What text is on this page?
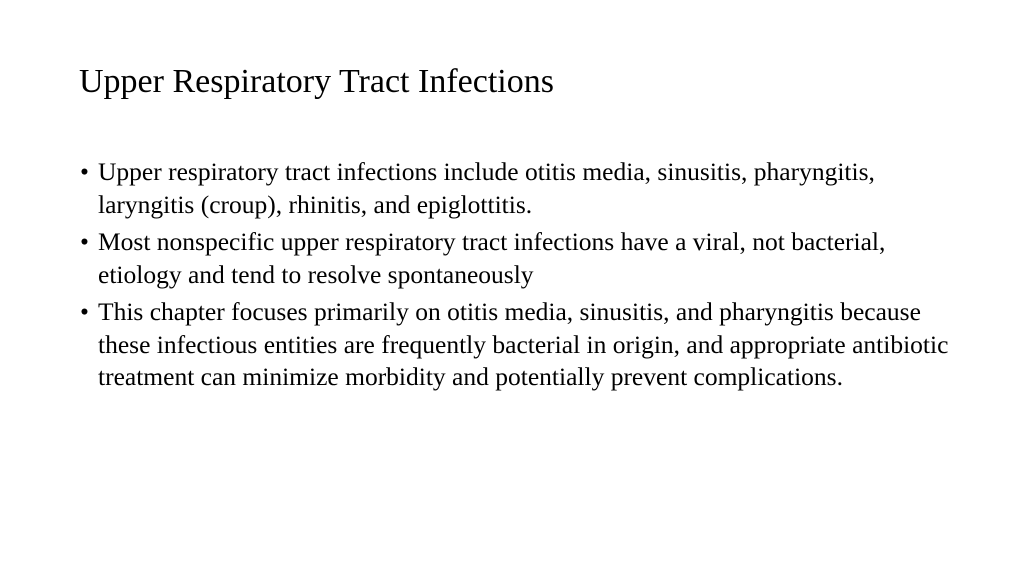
Upper Respiratory Tract Infections
• Upper respiratory tract infections include otitis media, sinusitis, pharyngitis, laryngitis (croup), rhinitis, and epiglottitis.
• Most nonspecific upper respiratory tract infections have a viral, not bacterial, etiology and tend to resolve spontaneously
• This chapter focuses primarily on otitis media, sinusitis, and pharyngitis because these infectious entities are frequently bacterial in origin, and appropriate antibiotic treatment can minimize morbidity and potentially prevent complications.
